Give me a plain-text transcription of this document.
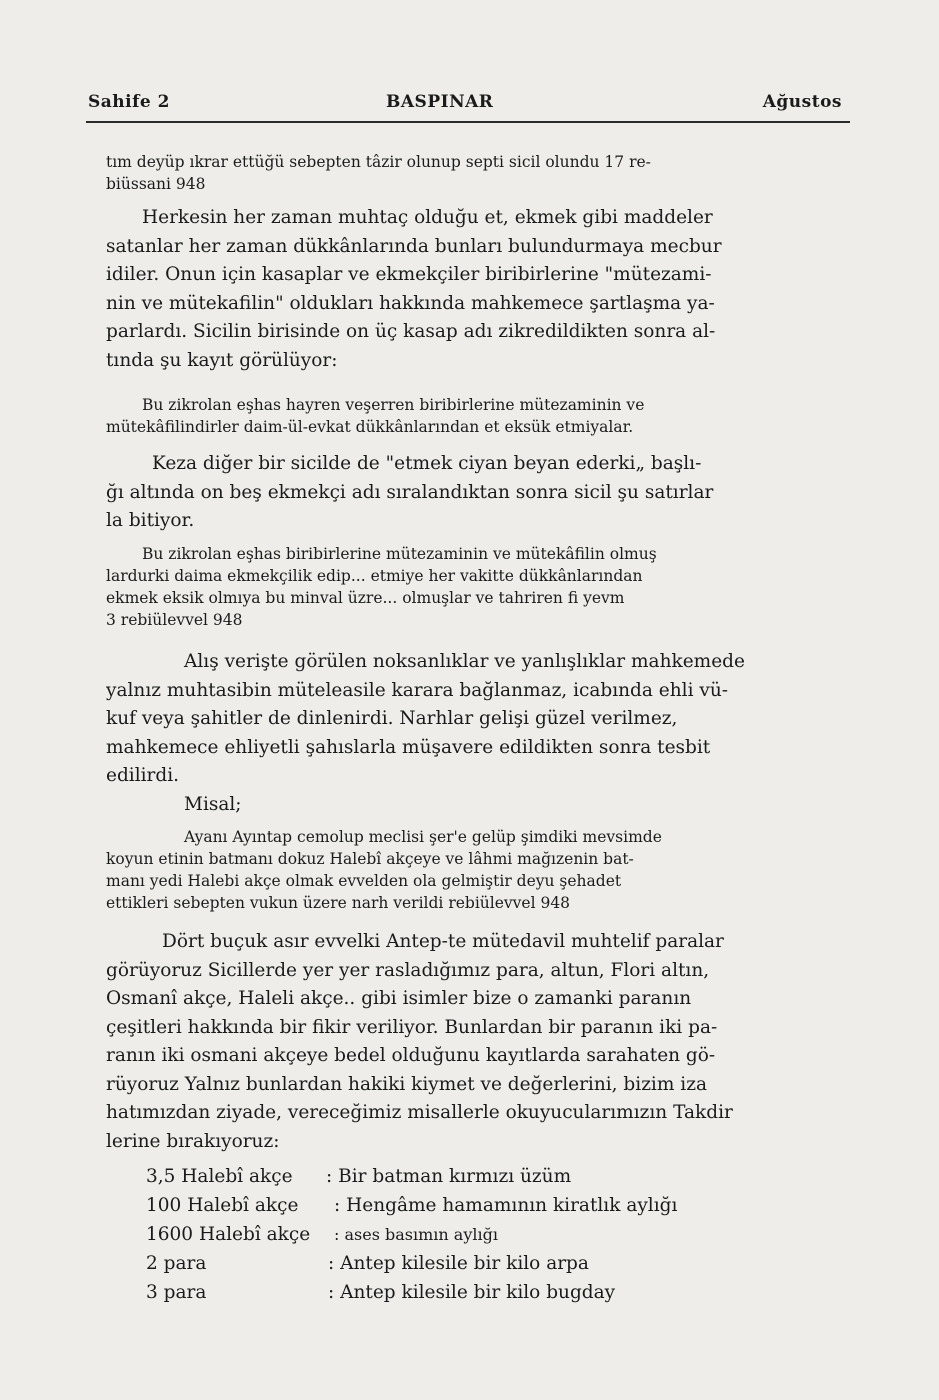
Sahife 2	BASPINAR	Ağustos
tım deyüp ıkrar ettüğü sebepten tâzir olunup septi sicil olundu 17 re-
biüssani 948
Herkesin her zaman muhtaç olduğu et, ekmek gibi maddeler
satanlar her zaman dükkânlarında bunları bulundurmaya mecbur
idiler. Onun için kasaplar ve ekmekçiler biribirlerine "mütezami-
nin ve mütekafilin" oldukları hakkında mahkemece şartlaşma ya-
parlardı. Sicilin birisinde on üç kasap adı zikredildikten sonra al-
tında şu kayıt görülüyor:
Bu zikrolan eşhas hayren veşerren biribirlerine mütezaminin ve
mütekâfilindirler daim-ül-evkat dükkânlarından et eksük etmiyalar.
Keza diğer bir sicilde de "etmek ciyan beyan ederki„ başlı-
ğı altında on beş ekmekçi adı sıralandıktan sonra sicil şu satırlar
la bitiyor.
Bu zikrolan eşhas biribirlerine mütezaminin ve mütekâfilin olmuş
lardurki daima ekmekçilik edip... etmiye her vakitte dükkânlarından
ekmek eksik olmıya bu minval üzre... olmuşlar ve tahriren fi yevm
3 rebiülevvel 948
Alış verişte görülen noksanlıklar ve yanlışlıklar mahkemede
yalnız muhtasibin müteleasile karara bağlanmaz, icabında ehli vü-
kuf veya şahitler de dinlenirdi. Narhlar gelişi güzel verilmez,
mahkemece ehliyetli şahıslarla müşavere edildikten sonra tesbit
edilirdi.
Misal;
Ayanı Ayıntap cemolup meclisi şer'e gelüp şimdiki mevsimde
koyun etinin batmanı dokuz Halebî akçeye ve lâhmi mağızenin bat-
manı yedi Halebi akçe olmak evvelden ola gelmiştir deyu şehadet
ettikleri sebepten vukun üzere narh verildi rebiülevvel 948
Dört buçuk asır evvelki Antep-te mütedavil muhtelif paralar
görüyoruz Sicillerde yer yer rasladığımız para, altun, Flori altın,
Osmanî akçe, Haleli akçe.. gibi isimler bize o zamanki paranın
çeşitleri hakkında bir fikir veriliyor. Bunlardan bir paranın iki pa-
ranın iki osmani akçeye bedel olduğunu kayıtlarda sarahaten gö-
rüyoruz Yalnız bunlardan hakiki kiymet ve değerlerini, bizim iza
hatımızdan ziyade, vereceğimiz misallerle okuyucularımızın Takdir
lerine bırakıyoruz:
3,5 Halebî akçe : Bir batman kırmızı üzüm
100 Halebî akçe : Hengâme hamamının kiratlık aylığı
1600 Halebî akçe : ases basımın aylığı
2 para	: Antep kilesile bir kilo arpa
3 para	: Antep kilesile bir kilo bugday
